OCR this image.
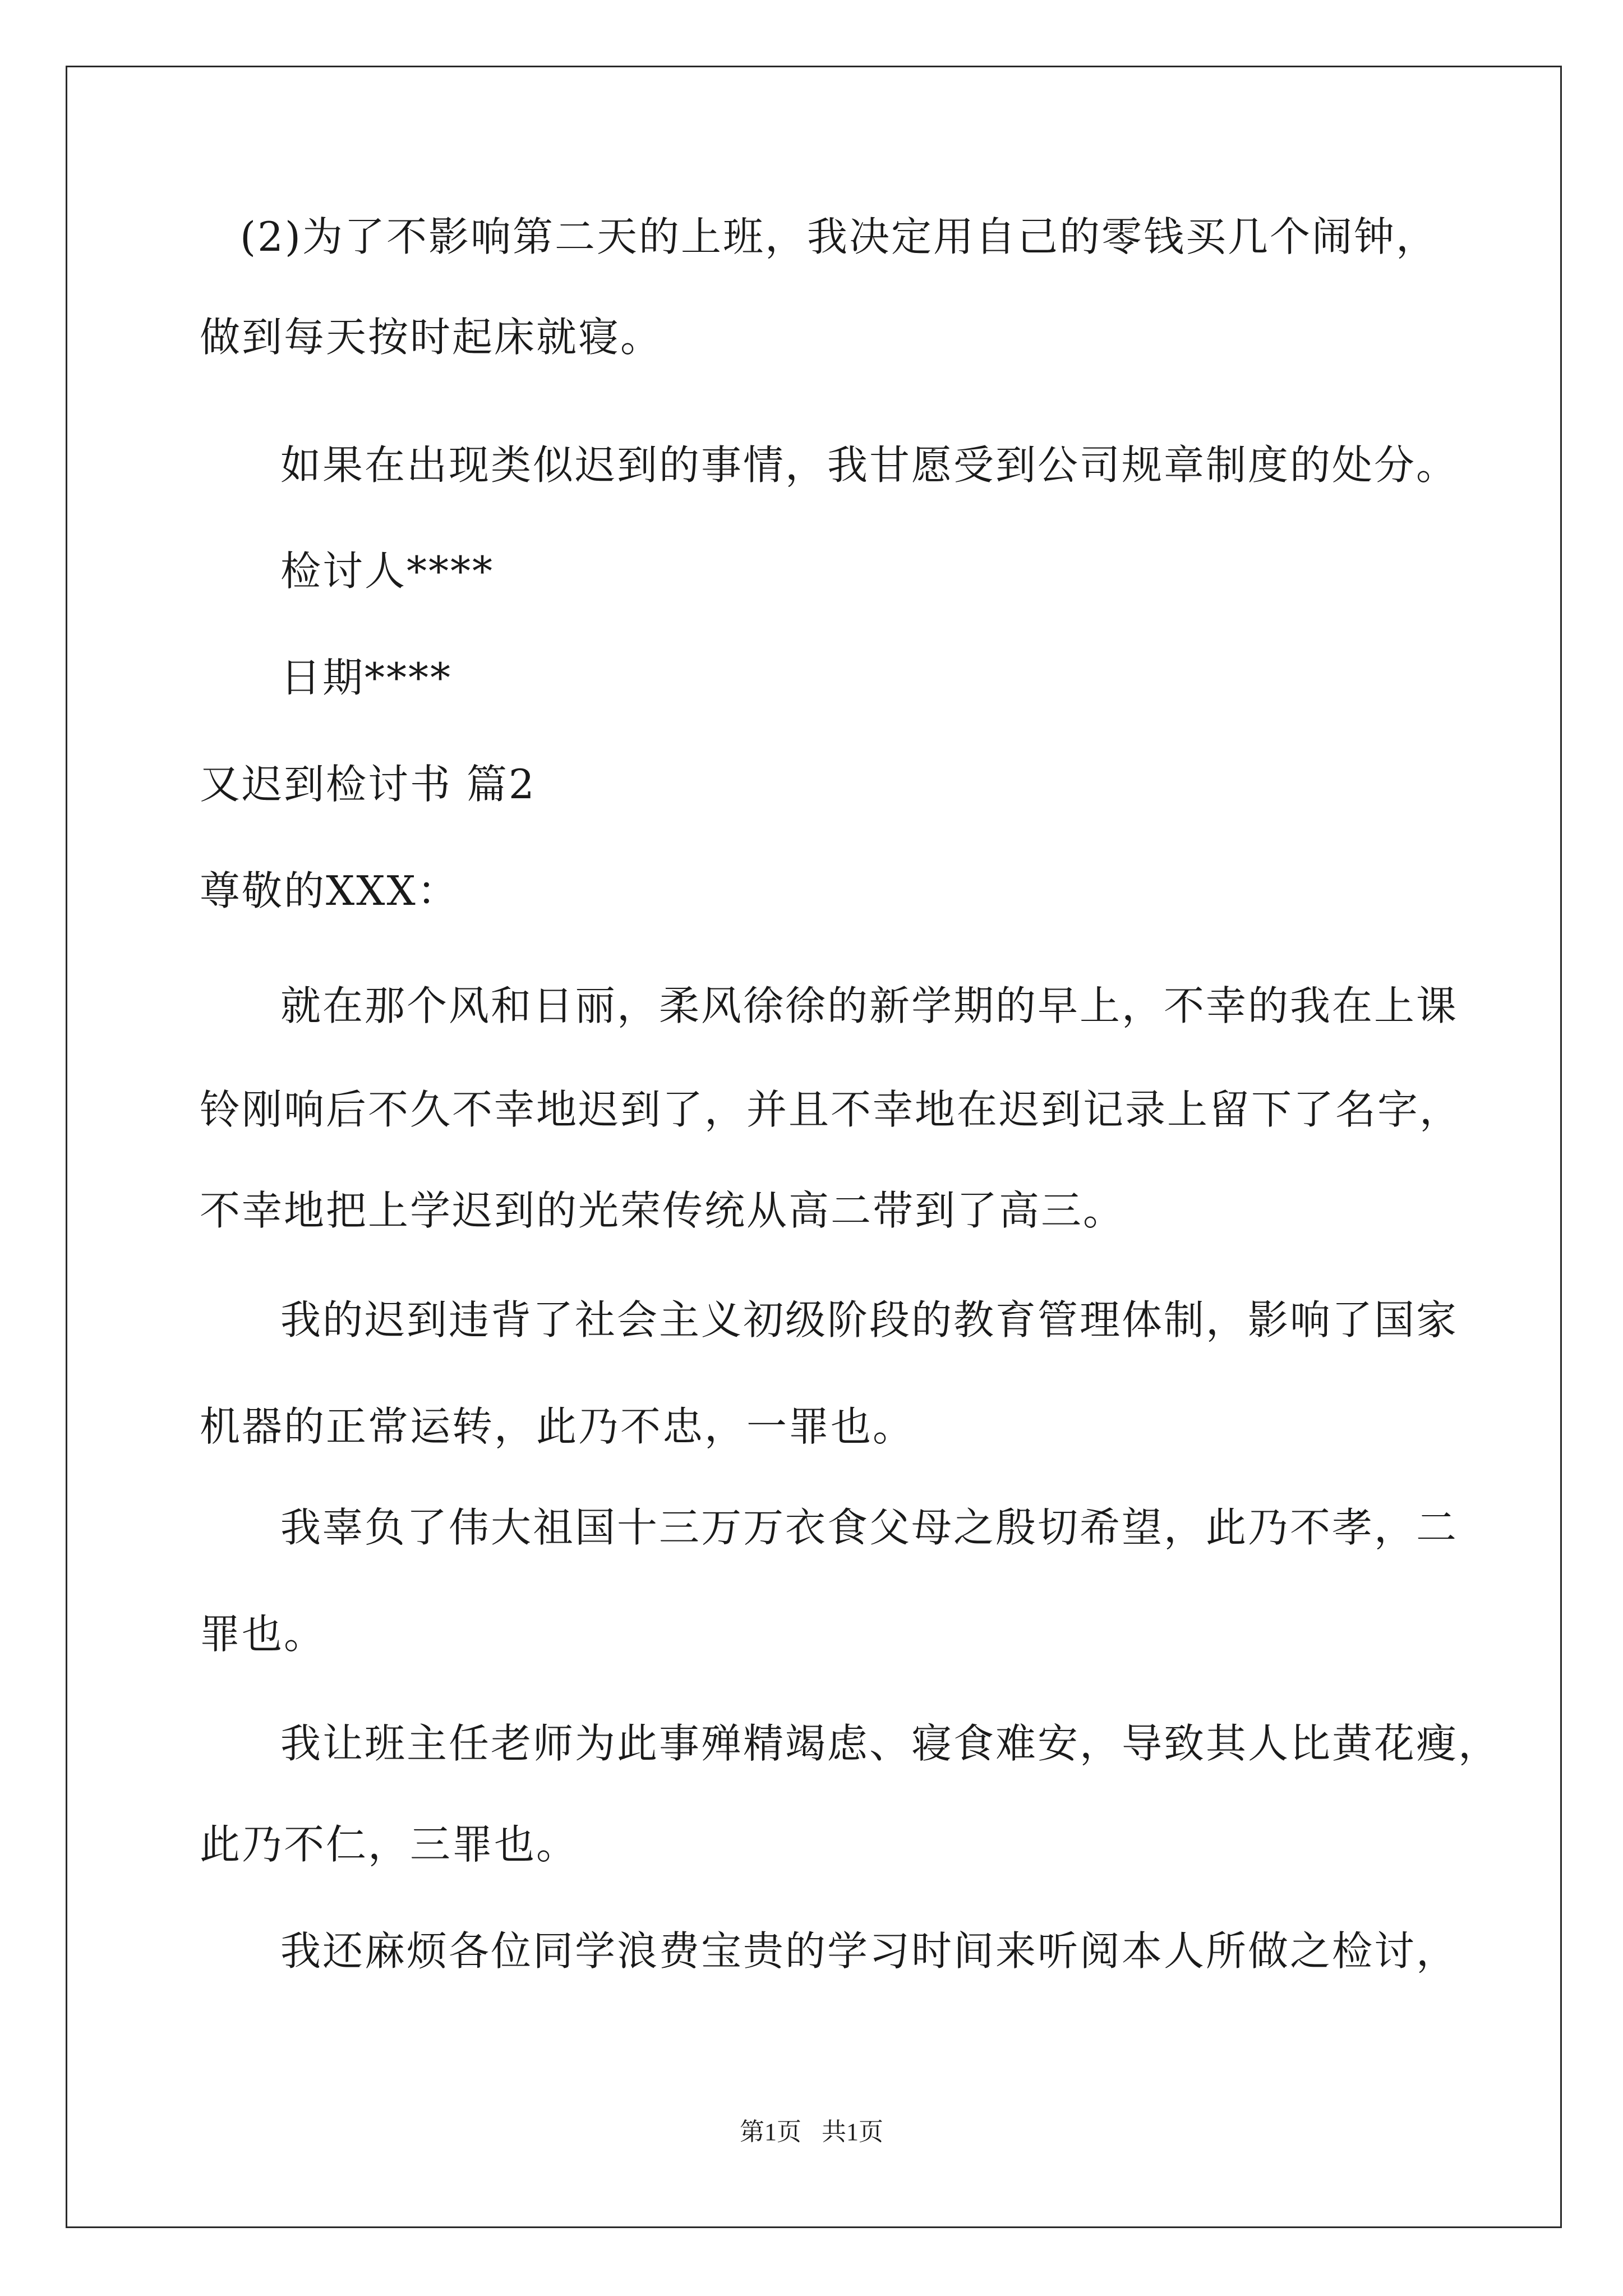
(2)为了不影响第二天的上班，我决定用自己的零钱买几个闹钟，
做到每天按时起床就寝。
如果在出现类似迟到的事情，我甘愿受到公司规章制度的处分。
检讨人****
日期****
又迟到检讨书 篇2
尊敬的XXX：
就在那个风和日丽，柔风徐徐的新学期的早上，不幸的我在上课
铃刚响后不久不幸地迟到了，并且不幸地在迟到记录上留下了名字，
不幸地把上学迟到的光荣传统从高二带到了高三。
我的迟到违背了社会主义初级阶段的教育管理体制，影响了国家
机器的正常运转，此乃不忠，一罪也。
我辜负了伟大祖国十三万万衣食父母之殷切希望，此乃不孝，二
罪也。
我让班主任老师为此事殚精竭虑、寝食难安，导致其人比黄花瘦，
此乃不仁，三罪也。
我还麻烦各位同学浪费宝贵的学习时间来听阅本人所做之检讨，
第1页 共1页
